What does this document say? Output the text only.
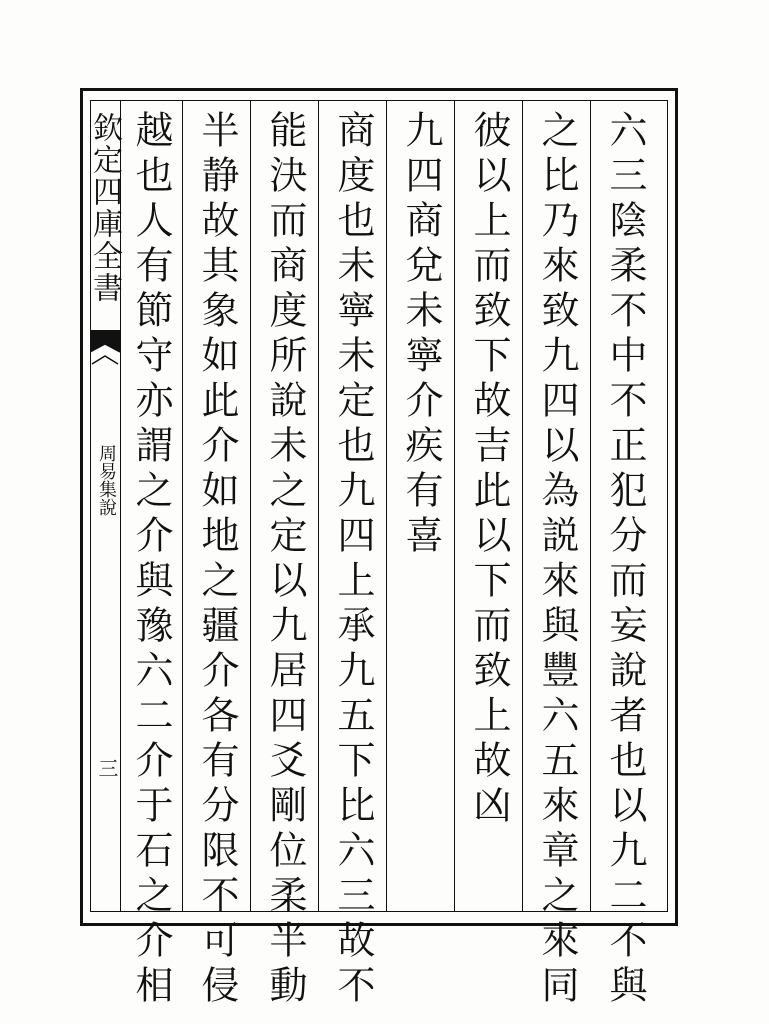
欽定四庫全書
周易集說
三	六三陰柔不中不正犯分而妄說者也以九二不與
之比乃來致九四以為説來與豐六五來章之來同
彼以上而致下故吉此以下而致上故凶
九四商兌未寧介疾有喜
商度也未寧未定也九四上承九五下比六三故不
能決而商度所說未之定以九居四爻剛位柔半動
半静故其象如此介如地之疆介各有分限不可侵
越也人有節守亦謂之介與豫六二介于石之介相
